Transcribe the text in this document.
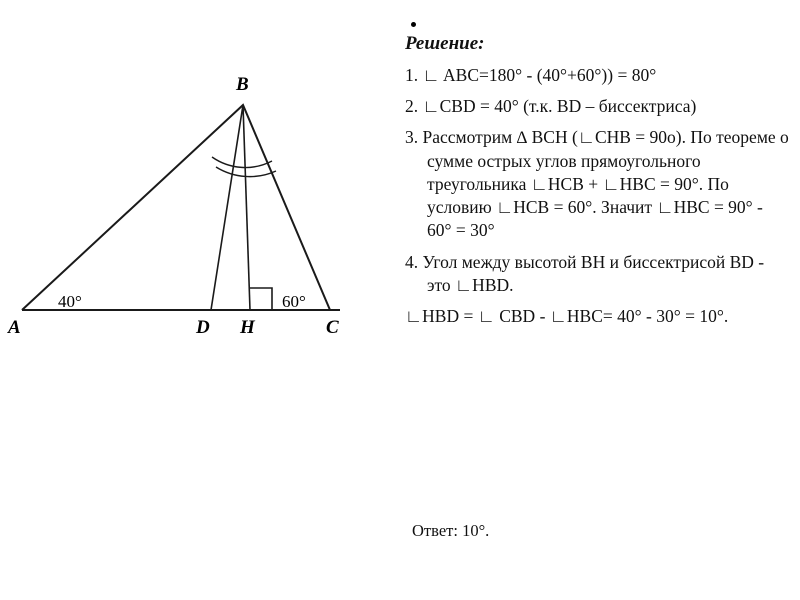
B
A	D H	C
40°	60°

Решение:

1. ∟ ABC=180° - (40°+60°)) = 80°

2. ∟CBD = 40° (т.к. BD – биссектриса)

3. Рассмотрим ∆ BCH (∟CHB = 90о). По теореме о сумме острых углов прямоугольного треугольника ∟HCB + ∟HBC = 90°. По условию ∟HCB = 60°. Значит ∟HBC = 90° - 60° = 30°

4. Угол между высотой BH и биссектрисой BD - это ∟HBD.

∟HBD = ∟ CBD - ∟HBC= 40° - 30° = 10°.

Ответ: 10°.
